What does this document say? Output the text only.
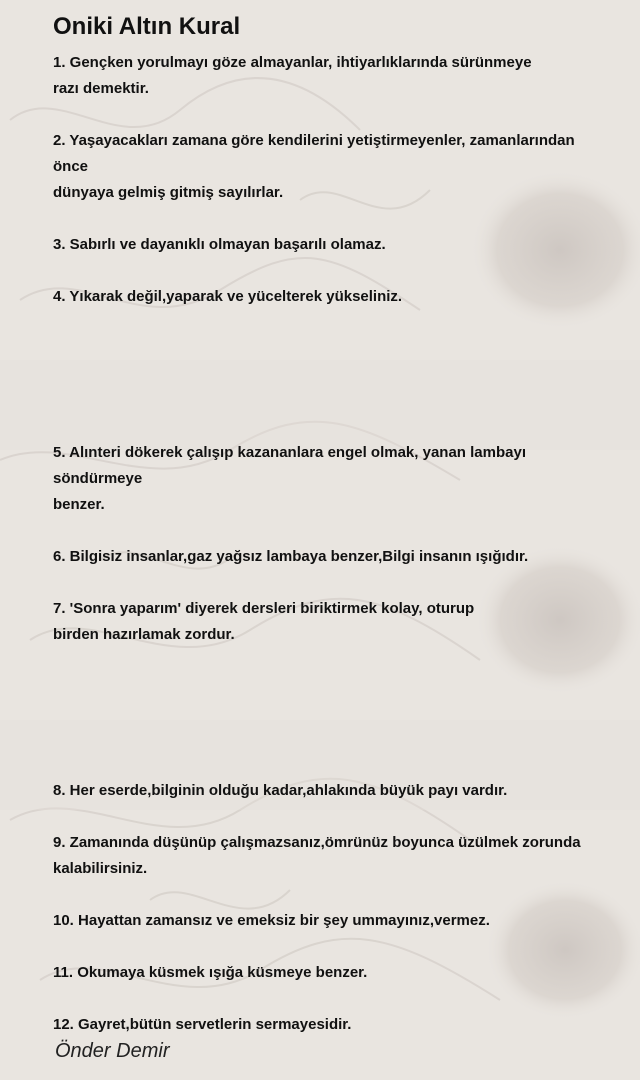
Oniki Altın Kural
1. Gençken yorulmayı göze almayanlar, ihtiyarlıklarında sürünmeye
razı demektir.
2. Yaşayacakları zamana göre kendilerini yetiştirmeyenler, zamanlarından
önce
dünyaya gelmiş gitmiş sayılırlar.
3. Sabırlı ve dayanıklı olmayan başarılı olamaz.
4. Yıkarak değil,yaparak ve yücelterek yükseliniz.
5. Alınteri dökerek çalışıp kazananlara engel olmak, yanan lambayı
söndürmeye
benzer.
6. Bilgisiz insanlar,gaz yağsız lambaya benzer,Bilgi insanın ışığıdır.
7. 'Sonra yaparım' diyerek dersleri biriktirmek kolay, oturup
birden hazırlamak zordur.
8. Her eserde,bilginin olduğu kadar,ahlakında büyük payı vardır.
9. Zamanında düşünüp çalışmazsanız,ömrünüz boyunca üzülmek zorunda
kalabilirsiniz.
10. Hayattan zamansız ve emeksiz bir şey ummayınız,vermez.
11. Okumaya küsmek ışığa küsmeye benzer.
12. Gayret,bütün servetlerin sermayesidir.
Önder Demir
